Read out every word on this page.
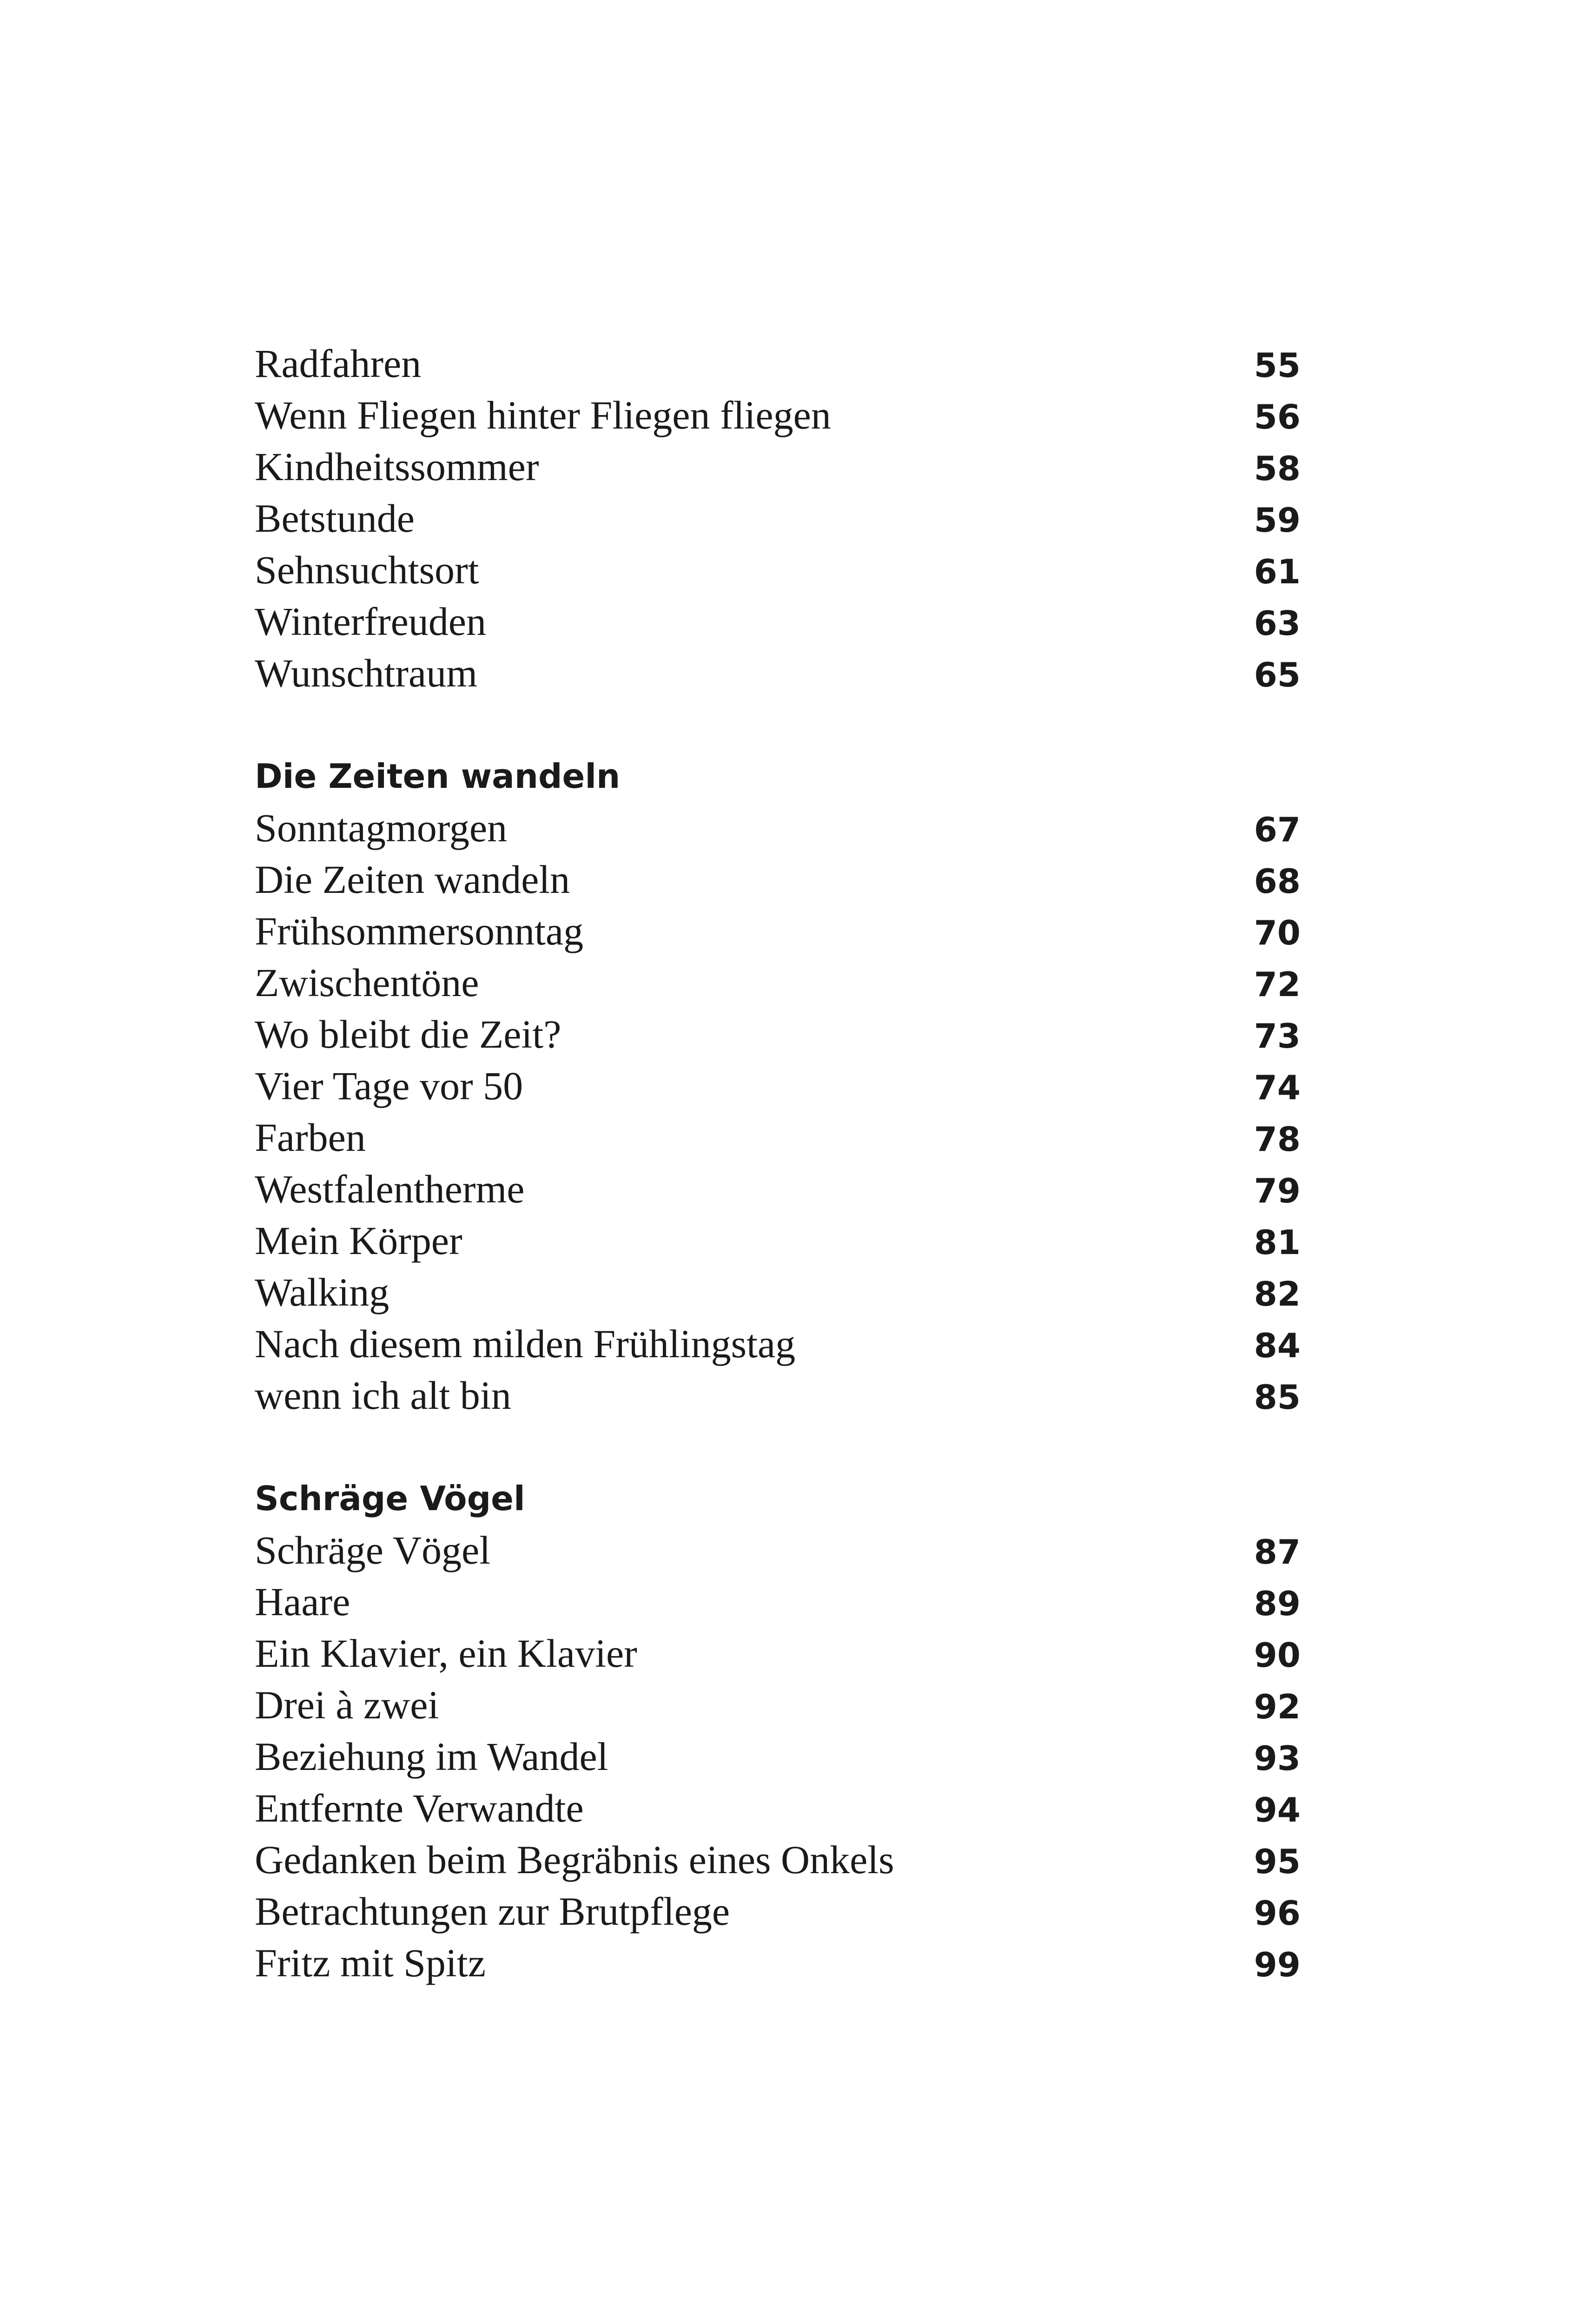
Radfahren	55
Wenn Fliegen hinter Fliegen fliegen	56
Kindheitssommer	58
Betstunde	59
Sehnsuchtsort	61
Winterfreuden	63
Wunschtraum	65
Die Zeiten wandeln
Sonntagmorgen	67
Die Zeiten wandeln	68
Frühsommersonntag	70
Zwischentöne	72
Wo bleibt die Zeit?	73
Vier Tage vor 50	74
Farben	78
Westfalentherme	79
Mein Körper	81
Walking	82
Nach diesem milden Frühlingstag	84
wenn ich alt bin	85
Schräge Vögel
Schräge Vögel	87
Haare	89
Ein Klavier, ein Klavier	90
Drei à zwei	92
Beziehung im Wandel	93
Entfernte Verwandte	94
Gedanken beim Begräbnis eines Onkels	95
Betrachtungen zur Brutpflege	96
Fritz mit Spitz	99
